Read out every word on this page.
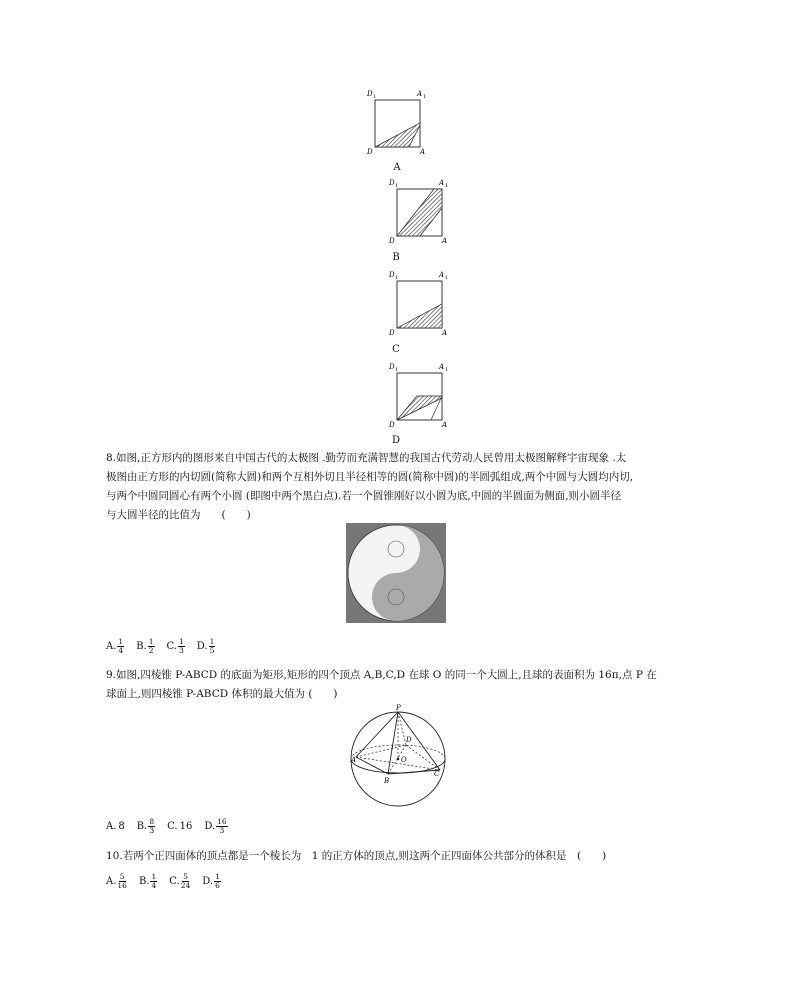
D 1	A 1
D	A
A
D 1	A 1
D	A
B
D 1	A 1
D	A
C
D 1	A 1
D	A
D
8.如图,正方形内的图形来自中国古代的太极图 .勤劳而充满智慧的我国古代劳动人民曾用太极图解释宇宙现象 .太
极图由正方形的内切圆(简称大圆)和两个互相外切且半径相等的圆(简称中圆)的半圆弧组成,两个中圆与大圆均内切,
与两个中圆同圆心有两个小圆 (即图中两个黑白点).若一个圆锥刚好以小圆为底,中圆的半圆面为侧面,则小圆半径
与大圆半径的比值为　　(　　)
A. $\frac{1}{4} B$. $\frac{1}{2} C$. $\frac{1}{3} D$. $\frac{1}{5}$
9.如图,四棱锥 P-ABCD 的底面为矩形,矩形的四个顶点 A,B,C,D 在球 O 的同一个大圆上,且球的表面积为 16π,点 P 在
球面上,则四棱锥 P-ABCD 体积的最大值为 (　　)
P
D
A	O
C
B
A. 8 B. $\frac{8}{3} C$. 16 D. $\frac{16}{3}$
10.若两个正四面体的顶点都是一个棱长为　1 的正方体的顶点,则这两个正四面体公共部分的体积是　(　　)
A. $\frac{5}{16} B$. $\frac{1}{4} C$. $\frac{5}{24} D$. $\frac{1}{6}$
